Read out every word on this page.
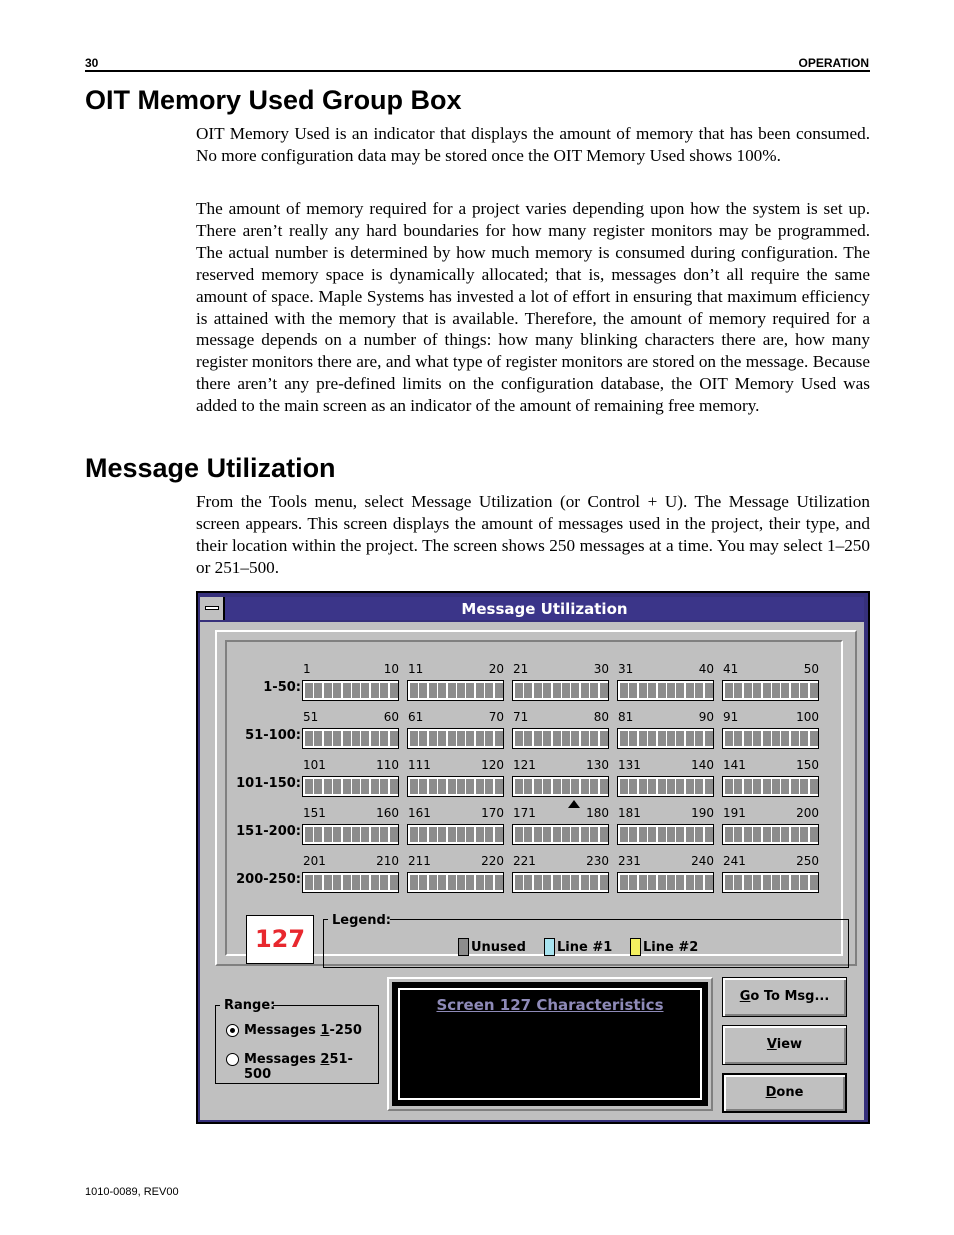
30	OPERATION
OIT Memory Used Group Box

OIT Memory Used is an indicator that displays the amount of memory that has been consumed. No more configuration data may be stored once the OIT Memory Used shows 100%.

The amount of memory required for a project varies depending upon how the system is set up. There aren’t really any hard boundaries for how many register monitors may be programmed. The actual number is determined by how much memory is consumed during configuration. The reserved memory space is dynamically allocated; that is, messages don’t all require the same amount of space. Maple Systems has invested a lot of effort in ensuring that maximum efficiency is attained with the memory that is available. Therefore, the amount of memory required for a message depends on a number of things: how many blinking characters there are, how many register monitors there are, and what type of register monitors are stored on the message. Because there aren’t any pre-defined limits on the configuration database, the OIT Memory Used was added to the main screen as an indicator of the amount of remaining free memory.

Message Utilization

From the Tools menu, select Message Utilization (or Control + U). The Message Utilization screen appears. This screen displays the amount of messages used in the project, their type, and their location within the project. The screen shows 250 messages at a time. You may select 1–250 or 251–500.

Message Utilization
1-50:
1	10 11	20 21	30 31	40 41	50
51-100:
51	60 61	70 71	80 81	90 91	100
101-150:
101	110 111	120 121	130 131	140 141	150
151-200:
151	160 161	170 171	180 181	190 191	200
200-250:
201	210 211	220 221	230 231	240 241	250
127
Legend:
Unused Line #1 Line #2
Range:
Messages 1-250
Messages 251-500
Screen 127 Characteristics	Go To Msg...
View
Done
1010-0089, REV00
